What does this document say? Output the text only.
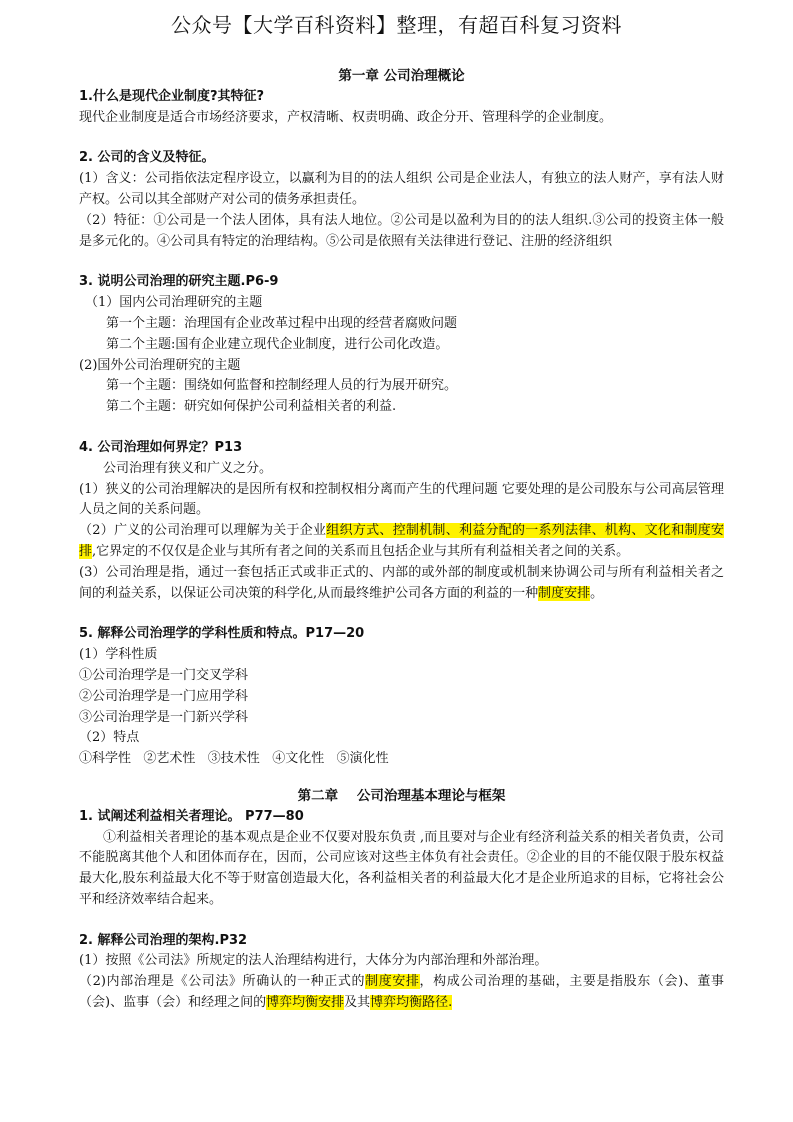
公众号【大学百科资料】整理，有超百科复习资料

第一章 公司治理概论

1.什么是现代企业制度?其特征?

现代企业制度是适合市场经济要求，产权清晰、权责明确、政企分开、管理科学的企业制度。

2. 公司的含义及特征。

(1）含义：公司指依法定程序设立，以赢利为目的的法人组织 公司是企业法人，有独立的法人财产，享有法人财产权。公司以其全部财产对公司的债务承担责任。

（2）特征：①公司是一个法人团体，具有法人地位。②公司是以盈利为目的的法人组织.③公司的投资主体一般是多元化的。④公司具有特定的治理结构。⑤公司是依照有关法律进行登记、注册的经济组织

3. 说明公司治理的研究主题.P6-9

（1）国内公司治理研究的主题

第一个主题：治理国有企业改革过程中出现的经营者腐败问题

第二个主题:国有企业建立现代企业制度，进行公司化改造。

(2)国外公司治理研究的主题

第一个主题：围绕如何监督和控制经理人员的行为展开研究。

第二个主题：研究如何保护公司利益相关者的利益.

4. 公司治理如何界定？P13

公司治理有狭义和广义之分。

(1）狭义的公司治理解决的是因所有权和控制权相分离而产生的代理问题 它要处理的是公司股东与公司高层管理人员之间的关系问题。

（2）广义的公司治理可以理解为关于企业组织方式、控制机制、利益分配的一系列法律、机构、文化和制度安排,它界定的不仅仅是企业与其所有者之间的关系而且包括企业与其所有利益相关者之间的关系。

(3）公司治理是指，通过一套包括正式或非正式的、内部的或外部的制度或机制来协调公司与所有利益相关者之间的利益关系，以保证公司决策的科学化,从而最终维护公司各方面的利益的一种制度安排。

5. 解释公司治理学的学科性质和特点。P17—20

(1）学科性质

①公司治理学是一门交叉学科

②公司治理学是一门应用学科

③公司治理学是一门新兴学科

（2）特点

①科学性   ②艺术性   ③技术性   ④文化性   ⑤演化性

第二章    公司治理基本理论与框架

1. 试阐述利益相关者理论。 P77—80

①利益相关者理论的基本观点是企业不仅要对股东负责 ,而且要对与企业有经济利益关系的相关者负责，公司不能脱离其他个人和团体而存在，因而，公司应该对这些主体负有社会责任。②企业的目的不能仅限于股东权益最大化,股东利益最大化不等于财富创造最大化，各利益相关者的利益最大化才是企业所追求的目标，它将社会公平和经济效率结合起来。

2. 解释公司治理的架构.P32

(1）按照《公司法》所规定的法人治理结构进行，大体分为内部治理和外部治理。

（2)内部治理是《公司法》所确认的一种正式的制度安排，构成公司治理的基础，主要是指股东（会)、董事（会)、监事（会）和经理之间的博弈均衡安排及其博弈均衡路径.
